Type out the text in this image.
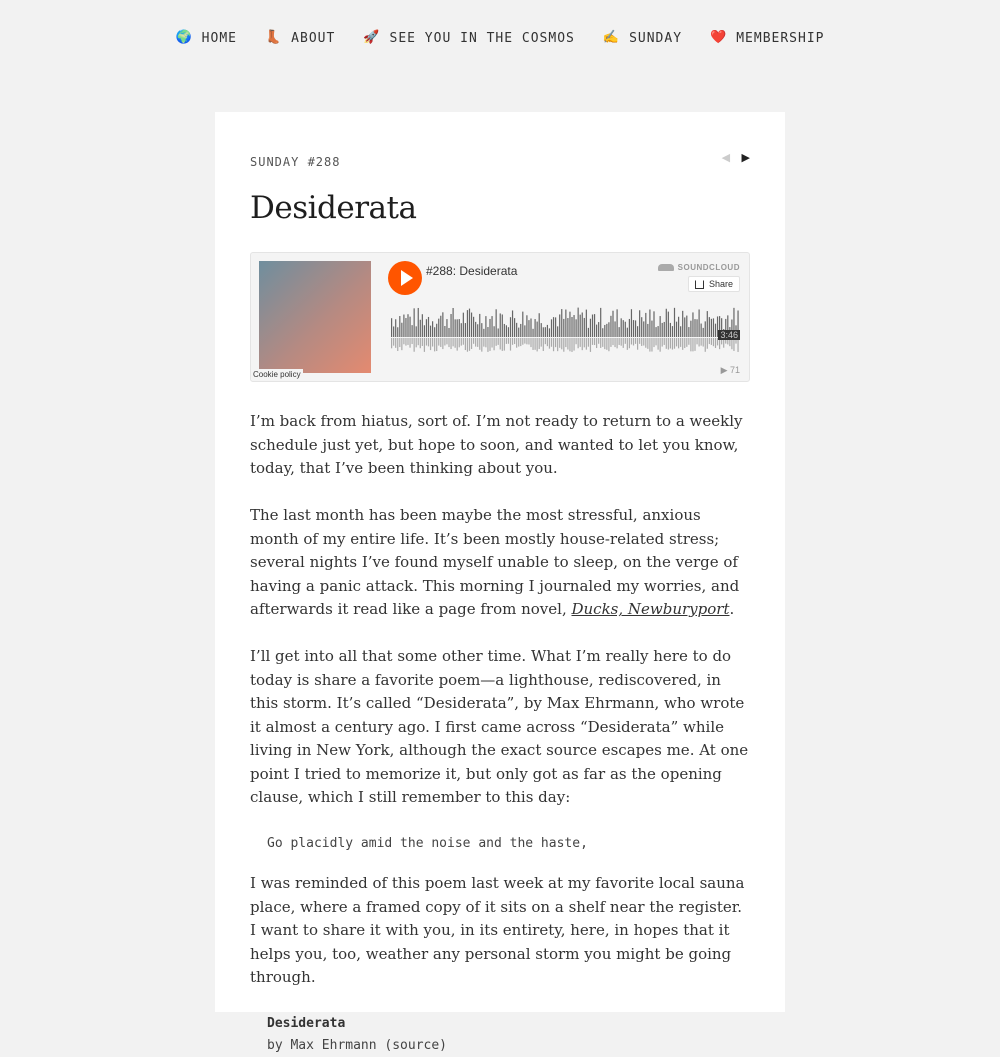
🌍 HOME 👢 ABOUT 🚀 SEE YOU IN THE COSMOS ✍️ SUNDAY ❤️ MEMBERSHIP
SUNDAY #288	◀ ▶
Desiderata
Cookie policy
#288: Desiderata	SOUNDCLOUD
Share
3:46
▶ 71

I’m back from hiatus, sort of. I’m not ready to return to a weekly schedule just yet, but hope to soon, and wanted to let you know, today, that I’ve been thinking about you.

The last month has been maybe the most stressful, anxious month of my entire life. It’s been mostly house-related stress; several nights I’ve found myself unable to sleep, on the verge of having a panic attack. This morning I journaled my worries, and afterwards it read like a page from novel, Ducks, Newburyport.

I’ll get into all that some other time. What I’m really here to do today is share a favorite poem—a lighthouse, rediscovered, in this storm. It’s called “Desiderata”, by Max Ehrmann, who wrote it almost a century ago. I first came across “Desiderata” while living in New York, although the exact source escapes me. At one point I tried to memorize it, but only got as far as the opening clause, which I still remember to this day:

Go placidly amid the noise and the haste,

I was reminded of this poem last week at my favorite local sauna place, where a framed copy of it sits on a shelf near the register. I want to share it with you, in its entirety, here, in hopes that it helps you, too, weather any personal storm you might be going through.

Desiderata
by Max Ehrmann (source)
